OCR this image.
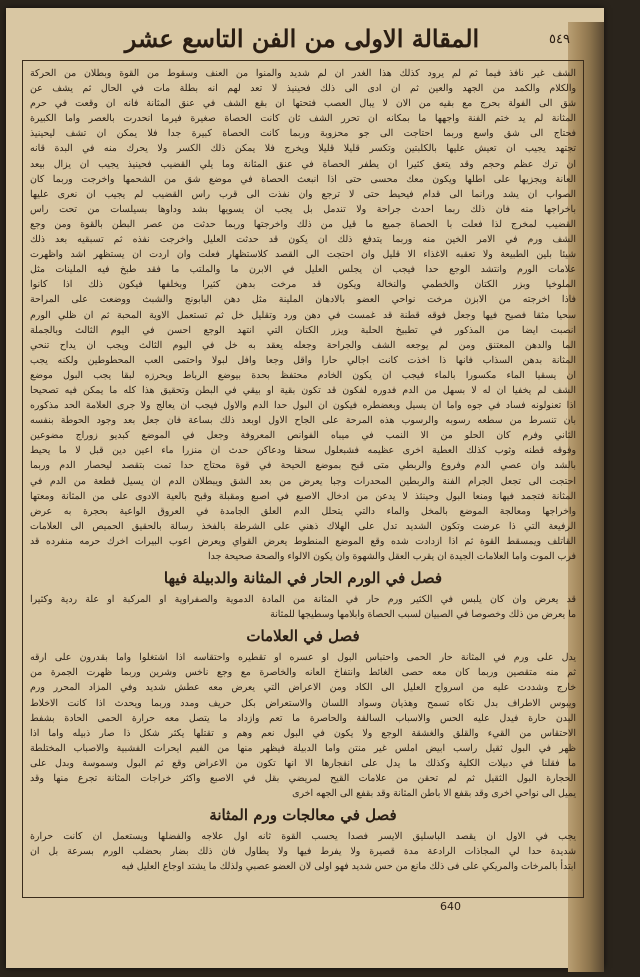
المقالة الاولى من الفن التاسع عشر	٥٤٩
الشف غير نافذ فيما ثم لم يرود كذلك هذا الغدر ان لم شديد والمنوا من العنف وسقوط من القوة وبطلان من الحركة
والكلام والكمد من الجهد والعين ثم ان ادى الى ذلك فحينيذ لا تعد لهم انه بطلة مات في الحال ثم يشف عن
شق الى الفولة بحرج مع بقيه من الان لا يبال العصب فتحتها ان بقع الشف في عنق المثانة فانه ان وقعت في حرم
المثانة لم يد ختم الفنة واجهها ما بمكانه ان تحرر الشف ثان كانت الحصاة صغيرة فيرما انحدرت بالعصر واما الكبيرة
فحتاج الى شق واسع وربما احتاجت الى جو محزوبة وربما كانت الحصاة كبيرة جدا فلا يمكن ان تشف ليحينيذ
تجتهد يجيب ان تعيش عليها بالكلبتين وتكسر قليلا قليلا ويخرج فلا يمكن ذلك الكسر ولا يحرك منه في البدة قانه
ان ترك عظم وحجم وقد يتعق كثيرا ان يطفر الحصاة في عنق المثانة وما يلي القضيب فحينيذ يجيب ان يزال بيعد
العانة ويجزيها على اطلها ويكون معك محسى حتى اذا انبعث الحصاة في موضع شق من الشحمها واخرجت وربما كان
الصواب ان يشد ورانما الى قدام فيحيط حتى لا ترجع وان نفذت الى قرب راس القضيب لم يجيب ان نعرى عليها
باخراجها منه فان ذلك ربما احدث جراحة ولا تندمل بل يجب ان يسويها بشد وداوها بسيلسات من تحت راس
القضيب لمخرج لذا فعلت با الحصاة جميع ما قيل من ذلك واخرجتها وربما حدثت من عصر البطن بالقوة ومن وجع
الشف ورم في الامر الخين منه وربما يتدفع ذلك ان يكون قد حدثت العليل واخرجت نفذه ثم تسبقيه بعد ذلك
شيئا بلين الطبيعة ولا تعقبه الاغذاء الا قليل وان احتجت الى القصد كلاستظهار فعلت وان اردت ان يستظهر اشد واظهرت
علامات الورم وانتشد الوجع حدا فيجب ان يجلس العليل في الابرن ما والملتب ما فقد طبخ فيه الملينات مثل
الملوخيا وبزر الكتان والخطمي والنخالة ويكون قد مرخت بدهن كثيرا وبخلفها فيكون ذلك اذا كانوا
فاذا اخرجته من الابزن مرخت نواحي العضو بالادهان الملينة مثل دهن البابونج والشبث ووضعت على المراحة
سحيا مثقا فصيح فيها وجعل فوقه قطنة قد غمست في دهن ورد وتقليل خل ثم تستعمل الاوية المحبة ثم ان ظلي الورم
انصبت ايضا من المذكور في تطبيخ الحلبة ويزر الكتان التي انتهد الوجع احسن في اليوم الثالث وبالجملة
الما والدهن المعتنق ومن لم يوجعه الشف والجراحة وجعله يعقد به خل في اليوم الثالث ويجب ان يداح تنحي
المثانة بدهن السذاب فانها ذا اخذت كانت اجالي حارا واقل وجعا وافل لبولا واحتمى العب المحطوطين ولكنه يجب
ان يسقيا الماء مكسورا بالماء فيجب ان يكون الخادم محتفظ بحدة بيوضع الرباط ويحرزه لبقا يجب البول موضع
الشف لم يخفيا ان له لا بسهل من الدم فدوره لفكون قد تكون بقية او بيقي في البطن وتحقيق هذا كله ما يمكن فيه تصحيحا
اذا تعنولونه فساد في جوه واما ان يسيل وبعضطره فيكون ان البول حدا الدم والاول فيجب ان يعالج ولا جرى العلامة الحد مذكوره
بان تنسرط من سطعه رسوبه والرسوب هذه المرحة على الجاح الاول اوبعد ذلك بساعة فان جعل بعد وجود الحوطة بنفسه
الثاني وفرم كان الحلو من الا النمب في ميباه الفوانص المعروفة وجعل في الموضع كبديو زوراج مضوعين
وفوقه قطنه وثوب كذلك العطية اخرى عظيمه فشبعلول سحقا ودعاكن حدث ان منزرا ماء اعين دين قبل لا ما يحيط
بالشد وان عصي الدم وفروع والربطي متى قبح بموضع الحيحة في قوة محتاج حدا تمت بتقصد ليحصار الدم وربما
احتجت الى تجعل الجرام الفنة والربطين المحدرات وجبا يعرض من بعد الشق ويبطلان الدم ان يسيل قطعة من الدم في
المثانة فتجمد فيها ومنعا البول وحينئذ لا يدعن من ادخال الاصبع في اصبع ومقبلة وقبح بالعية الادوى على من المثانة ومعتها
واخراجها ومعالجة الموضع بالمخل والماء دالتي يتحلل الدم العلق الجامدة في العروق الواعية بحجرة به عرض
الرفيعة التي ذا عرضت وتكون الشديد تدل على الهلاك ذهني على الشرطة بالفخذ رسالة بالحقيق الحميص الى العلامات
القاتلف ويمسقط القوة ثم اذا ازدادت شده وقع الموضع المنطوط يعرض القواي ويعرض اعوب البيرات اخرك حرمه منفرده قد
فرب الموت واما العلامات الجيدة ان يقرب العقل والشهوة وان يكون الالواء والصحة صحيحة جدا
فصل في الورم الحار في المثانة والدبيلة فيها
قد يعرض وان كان يلبس في الكثير ورم حار في المثانة من المادة الدموية والصفراوية او المركبة او علة ردية وكثيرا
ما يعرض من ذلك وخصوصا في الصبيان لسبب الحصاة وابلامها وسطيجها للمثانة
فصل في العلامات
يدل على ورم في المثانة حار الحمى واحتباس البول او عسره او تقطيره واحتقاسه اذا اشتغلوا واما بقدرون على ارقه
ثم منه متقصين وربما كان معه حصى الغائط وانتفاخ العانه والخاصرة مع وجع ناخس وشرين وربما ظهرت الجمرة من
خارج وشددت عليه من اسرواح العليل الى الكاد ومن الاعراض التي يعرض معه عطش شديد وفي المزاد المحرر ورم
ويبوس الاطراف بدل نكاه تسمح وهذيان وسواد اللسان والاستعراض بكل حريف ومدد وربما ويحدث اذا كانت الاخلاط
البدن حارة فيدل عليه الحس والاسباب السالفة والحاصرة ما تعم وازداد ما يتصل معه حرارة الحمى الحادة بشفط
الاحتقاس من القيء والقلق والغشقة الوجع ولا يكون في البول نعم وهم و تقتلها يكثر شكل ذا صار ذبيله واما اذا
ظهر في البول ثقيل راسب ابيض املس غير منتن واما الدبيلة فيظهر منها من الفيم ايحرات الفشبية والاصباب المختلطة
ما فقلنا في دبيلات الكلية وكذلك ما يدل على انفجارها الا انها تكون من الاعراض وقع ثم البول وسموسة وبدل على
الحجارة البول الثقيل ثم لم تحقن من علامات القيح لمريضي بقل في الاصبع واكثر خراجات المثانة تجرع منها وقد
يميل الى نواحي اخرى وقد بقفع الا باطن المثانة وقد بقفع الى الجهه اخرى
فصل في معالجات ورم المثانة
يجب في الاول ان يقصد الباسليق الايسر فصدا يحسب القوة ثانه اول علاجه والفضلها ويستعمل ان كانت حرارة
شديدة حدا لي المجاذات الرادعة مدة قصيرة ولا يفرط فيها ولا يطاول فان ذلك بضار بحضلب الورم بسرعة بل ان
ابتدأ بالمرخات والمريكي على فى ذلك مانع من حس شديد فهو اولى لان العضو عصبي ولذلك ما يشتد اوجاع العليل فيه
640
